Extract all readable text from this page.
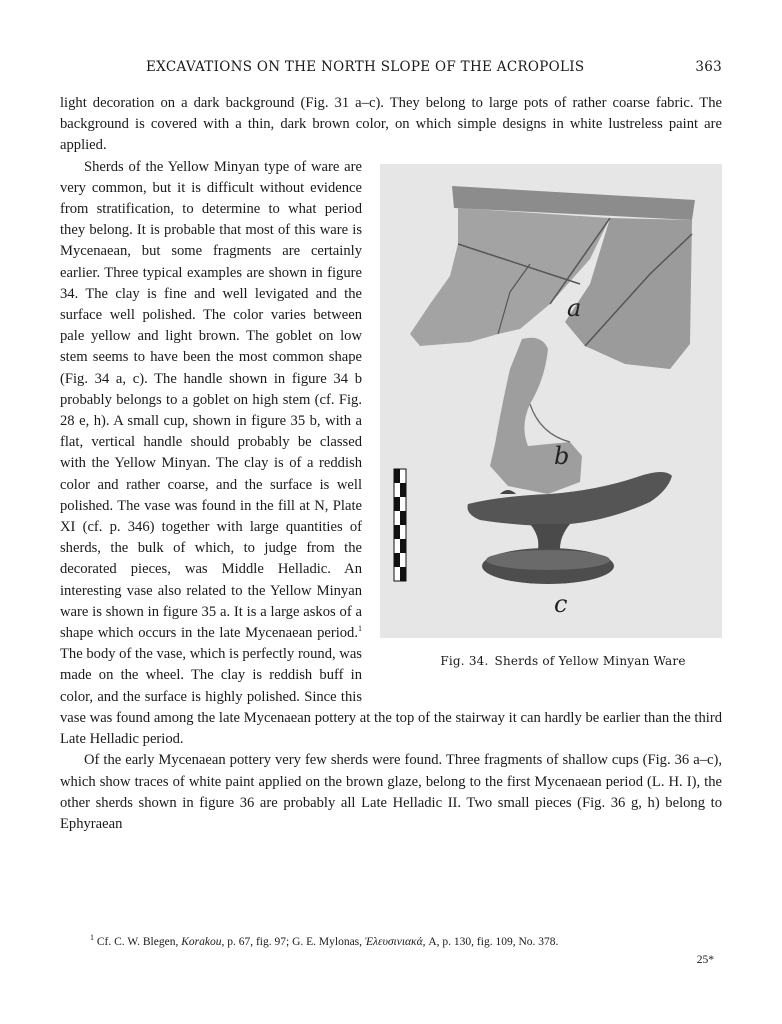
EXCAVATIONS ON THE NORTH SLOPE OF THE ACROPOLIS	363

light decoration on a dark background (Fig. 31 a–c). They belong to large pots of rather coarse fabric. The background is covered with a thin, dark brown color, on which simple designs in white lustreless paint are applied.

a
b
c
Fig. 34. Sherds of Yellow Minyan Ware
Sherds of the Yellow Minyan type of ware are very common, but it is difficult without evidence from stratification, to determine to what period they belong. It is probable that most of this ware is Mycenaean, but some fragments are certainly earlier. Three typical examples are shown in figure 34. The clay is fine and well levigated and the surface well polished. The color varies between pale yellow and light brown. The goblet on low stem seems to have been the most common shape (Fig. 34 a, c). The handle shown in figure 34 b probably belongs to a goblet on high stem (cf. Fig. 28 e, h). A small cup, shown in figure 35 b, with a flat, vertical handle should probably be classed with the Yellow Minyan. The clay is of a reddish color and rather coarse, and the surface is well polished. The vase was found in the fill at N, Plate XI (cf. p. 346) together with large quantities of sherds, the bulk of which, to judge from the decorated pieces, was Middle Helladic. An interesting vase also related to the Yellow Minyan ware is shown in figure 35 a. It is a large askos of a shape which occurs in the late Mycenaean period.$^1$ The body of the vase, which is perfectly round, was made on the wheel. The clay is reddish buff in color, and the surface is highly polished. Since this vase was found among the late Mycenaean pottery at the top of the stairway it can hardly be earlier than the third Late Helladic period.

Of the early Mycenaean pottery very few sherds were found. Three fragments of shallow cups (Fig. 36 a–c), which show traces of white paint applied on the brown glaze, belong to the first Mycenaean period (L. H. I), the other sherds shown in figure 36 are probably all Late Helladic II. Two small pieces (Fig. 36 g, h) belong to Ephyraean

$^1$ Cf. C. W. Blegen, Korakou, p. 67, fig. 97; G. E. Mylonas, Ἐλευσινιακά, A, p. 130, fig. 109, No. 378.
25*
